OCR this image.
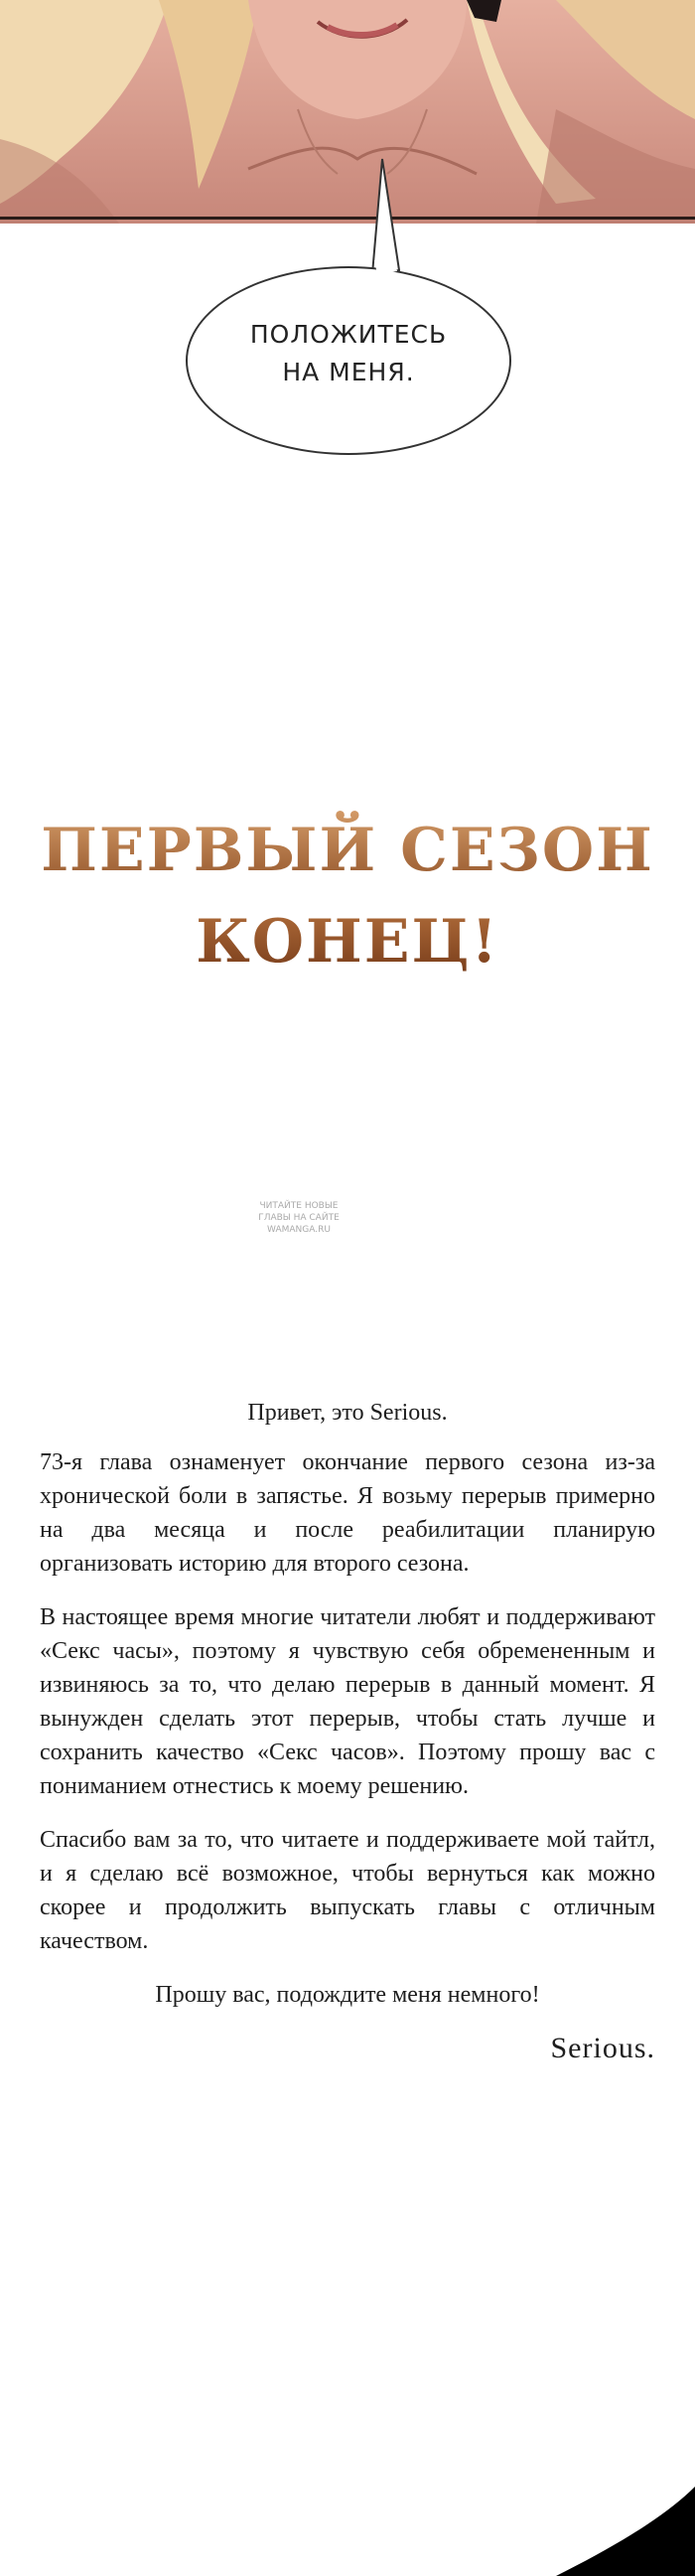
ПОЛОЖИТЕСЬ
НА МЕНЯ.
ПЕРВЫЙ СЕЗОН
КОНЕЦ!
ЧИТАЙТЕ НОВЫЕ
ГЛАВЫ НА САЙТЕ
WAMANGA.RU

Привет, это Serious.

73-я глава ознаменует окончание первого сезона из-за хронической боли в запястье. Я возьму перерыв примерно на два месяца и после реабилитации планирую организовать историю для второго сезона.

В настоящее время многие читатели любят и поддерживают «Секс часы», поэтому я чувствую себя обремененным и извиняюсь за то, что делаю перерыв в данный момент. Я вынужден сделать этот перерыв, чтобы стать лучше и сохранить качество «Секс часов». Поэтому прошу вас с пониманием отнестись к моему решению.

Спасибо вам за то, что читаете и поддерживаете мой тайтл, и я сделаю всё возможное, чтобы вернуться как можно скорее и продолжить выпускать главы с отличным качеством.

Прошу вас, подождите меня немного!

Serious.
